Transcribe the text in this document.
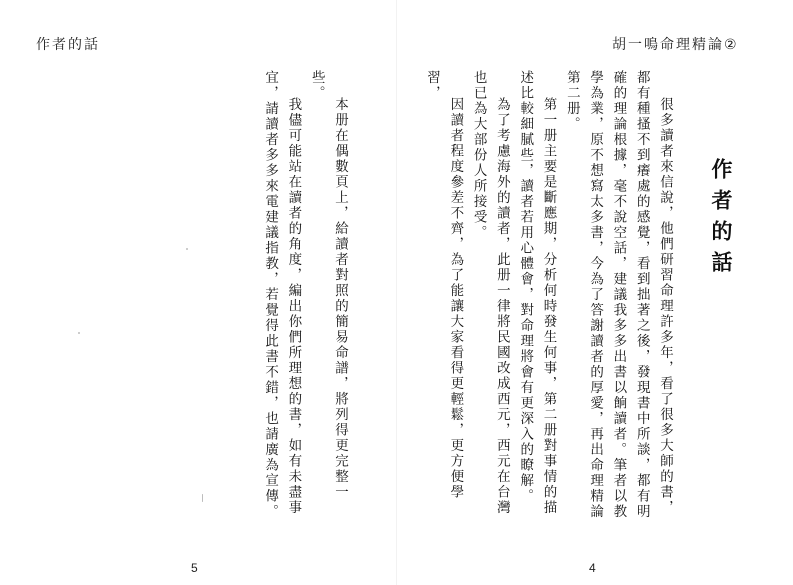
作者的話

本册在偶數頁上，給讀者對照的簡易命譜，將列得更完整一些。

我儘可能站在讀者的角度，編出你們所理想的書，如有未盡事宜，請讀者多多來電建議指教，若覺得此書不錯，也請廣為宣傳。

5
胡一鳴命理精論②
作者的話

很多讀者來信說，他們研習命理許多年，看了很多大師的書，都有種搔不到癢處的感覺，看到拙著之後，發現書中所談，都有明確的理論根據，毫不說空話，建議我多多出書以餉讀者。筆者以教學為業，原不想寫太多書，今為了答謝讀者的厚愛，再出命理精論第二册。

第一册主要是斷應期，分析何時發生何事，第二册對事情的描述比較細膩些，讀者若用心體會，對命理將會有更深入的瞭解。

為了考慮海外的讀者，此册一律將民國改成西元，西元在台灣也已為大部份人所接受。

因讀者程度參差不齊，為了能讓大家看得更輕鬆，更方便學習，

4
